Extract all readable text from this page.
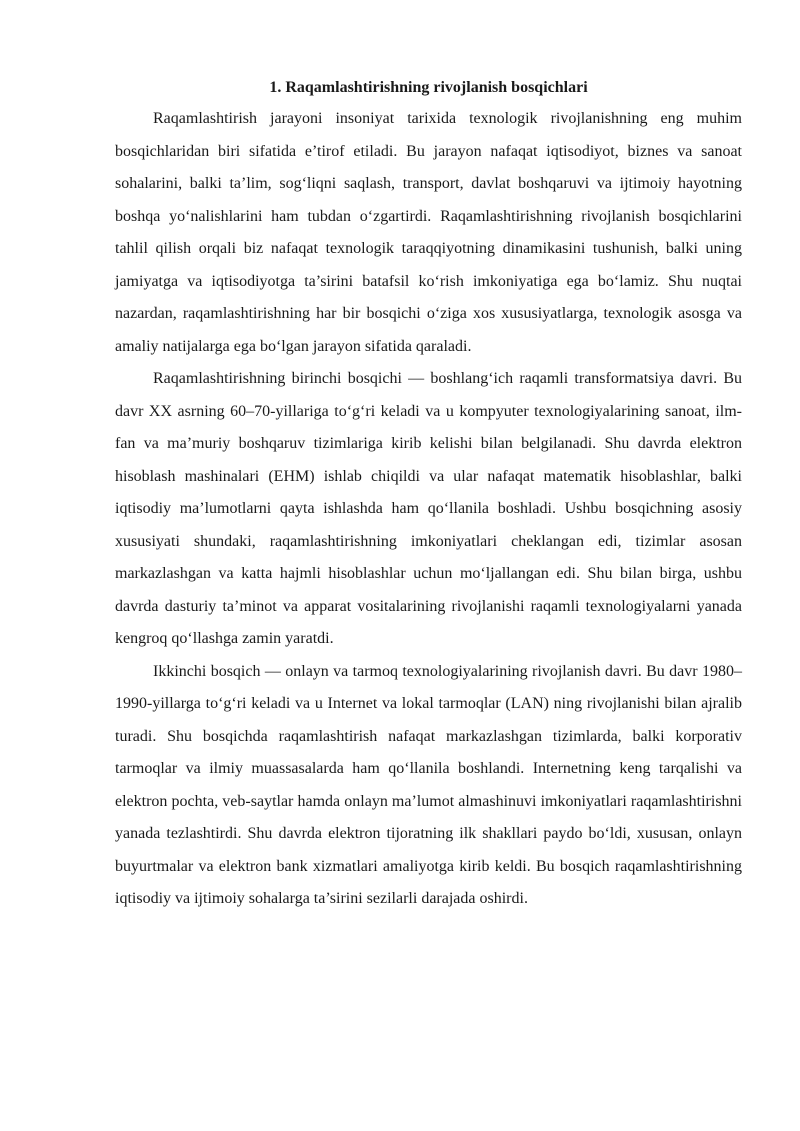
1. Raqamlashtirishning rivojlanish bosqichlari

Raqamlashtirish jarayoni insoniyat tarixida texnologik rivojlanishning eng muhim bosqichlaridan biri sifatida e’tirof etiladi. Bu jarayon nafaqat iqtisodiyot, biznes va sanoat sohalarini, balki ta’lim, sog‘liqni saqlash, transport, davlat boshqaruvi va ijtimoiy hayotning boshqa yo‘nalishlarini ham tubdan o‘zgartirdi. Raqamlashtirishning rivojlanish bosqichlarini tahlil qilish orqali biz nafaqat texnologik taraqqiyotning dinamikasini tushunish, balki uning jamiyatga va iqtisodiyotga ta’sirini batafsil ko‘rish imkoniyatiga ega bo‘lamiz. Shu nuqtai nazardan, raqamlashtirishning har bir bosqichi o‘ziga xos xususiyatlarga, texnologik asosga va amaliy natijalarga ega bo‘lgan jarayon sifatida qaraladi.

Raqamlashtirishning birinchi bosqichi — boshlang‘ich raqamli transformatsiya davri. Bu davr XX asrning 60–70-yillariga to‘g‘ri keladi va u kompyuter texnologiyalarining sanoat, ilm-fan va ma’muriy boshqaruv tizimlariga kirib kelishi bilan belgilanadi. Shu davrda elektron hisoblash mashinalari (EHM) ishlab chiqildi va ular nafaqat matematik hisoblashlar, balki iqtisodiy ma’lumotlarni qayta ishlashda ham qo‘llanila boshladi. Ushbu bosqichning asosiy xususiyati shundaki, raqamlashtirishning imkoniyatlari cheklangan edi, tizimlar asosan markazlashgan va katta hajmli hisoblashlar uchun mo‘ljallangan edi. Shu bilan birga, ushbu davrda dasturiy ta’minot va apparat vositalarining rivojlanishi raqamli texnologiyalarni yanada kengroq qo‘llashga zamin yaratdi.

Ikkinchi bosqich — onlayn va tarmoq texnologiyalarining rivojlanish davri. Bu davr 1980–1990-yillarga to‘g‘ri keladi va u Internet va lokal tarmoqlar (LAN) ning rivojlanishi bilan ajralib turadi. Shu bosqichda raqamlashtirish nafaqat markazlashgan tizimlarda, balki korporativ tarmoqlar va ilmiy muassasalarda ham qo‘llanila boshlandi. Internetning keng tarqalishi va elektron pochta, veb-saytlar hamda onlayn ma’lumot almashinuvi imkoniyatlari raqamlashtirishni yanada tezlashtirdi. Shu davrda elektron tijoratning ilk shakllari paydo bo‘ldi, xususan, onlayn buyurtmalar va elektron bank xizmatlari amaliyotga kirib keldi. Bu bosqich raqamlashtirishning iqtisodiy va ijtimoiy sohalarga ta’sirini sezilarli darajada oshirdi.
